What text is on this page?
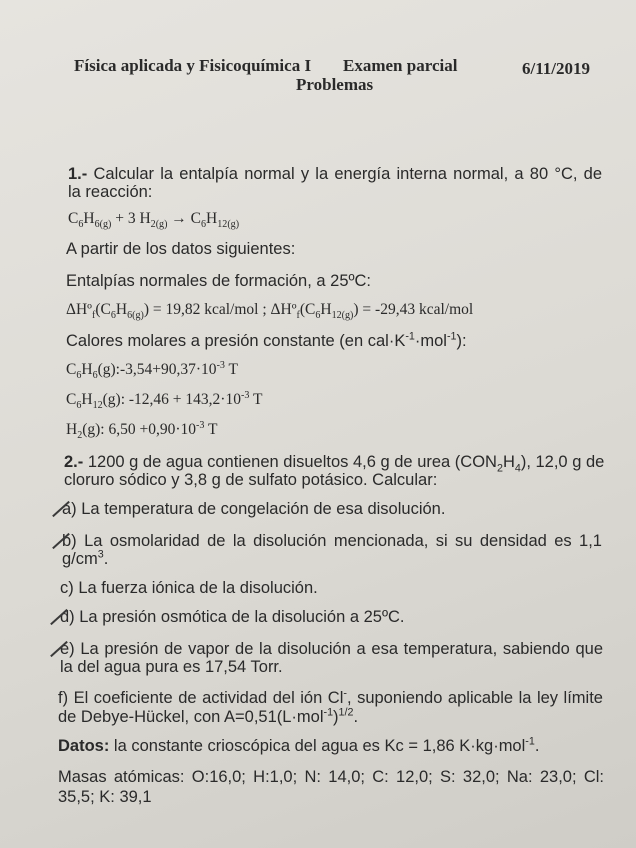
Física aplicada y Fisicoquímica I Examen parcial	6/11/2019
Problemas
1.- Calcular la entalpía normal y la energía interna normal, a 80 °C, de
la reacción:
$C_6H_{6(g)} + 3$ $H_{2(g)} \to C_6H_{12(g)}$
A partir de los datos siguientes:
Entalpías normales de formación, a 25ºC:
$\Delta Hº_f(C_6H_{6(g)}) = 19,82$ kcal/mol ; $\Delta Hº_f(C_6H_{12(g)}) = -29,43$ kcal/mol
Calores molares a presión constante (en $cal\cdot K^{-1}\cdot mol^{-1}$):
$C_6H_6(g):-3,54+90,37\cdot 10^{-3}$ T
$C_6H_{12}(g)$: $-12,46 + 143,2\cdot 10^{-3}$ T
$H_2(g)$: $6,50 +0,90\cdot 10^{-3}$ T
2.- 1200 g de agua contienen disueltos 4,6 g de urea $(CON_2H_4)$, 12,0 g de
cloruro sódico y 3,8 g de sulfato potásico. Calcular:
a) La temperatura de congelación de esa disolución.
b) La osmolaridad de la disolución mencionada, si su densidad es 1,1
$g/cm^3$.
c) La fuerza iónica de la disolución.
d) La presión osmótica de la disolución a 25ºC.
e) La presión de vapor de la disolución a esa temperatura, sabiendo que
la del agua pura es 17,54 Torr.
f) El coeficiente de actividad del ión Cl-, suponiendo aplicable la ley límite
de Debye-Hückel, con $A=0,51(L\cdot mol^{-1})^{1/2}$.
Datos: la constante crioscópica del agua es Kc = 1,86 K·kg·mol$^{-1}$.
Masas atómicas: O:16,0; H:1,0; N: 14,0; C: 12,0; S: 32,0; Na: 23,0; Cl:
35,5; K: 39,1
